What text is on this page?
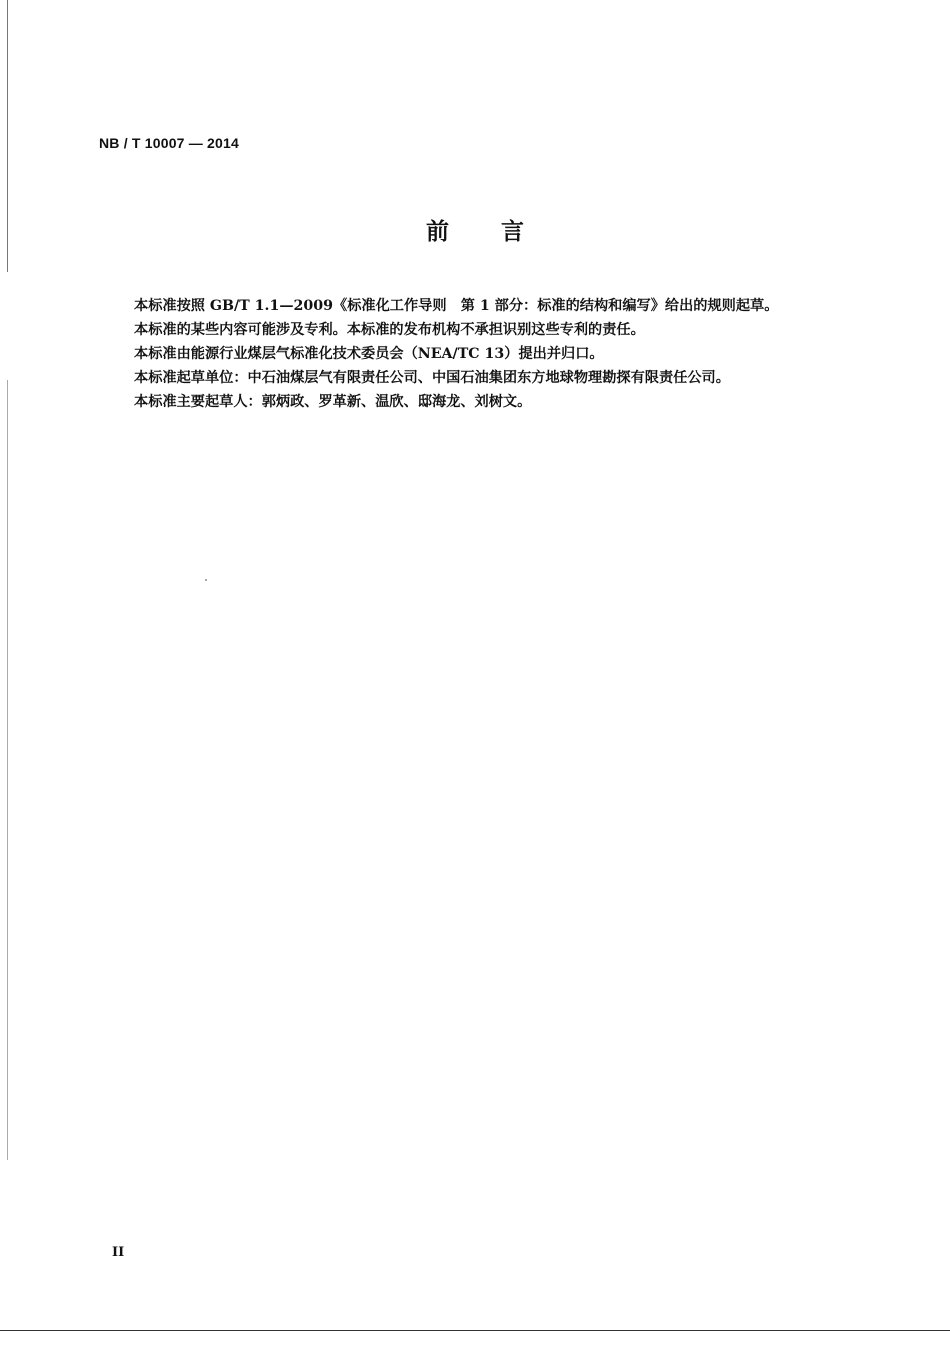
NB / T 10007 — 2014
前言

本标准按照 GB/T 1.1—2009《标准化工作导则　第 1 部分：标准的结构和编写》给出的规则起草。

本标准的某些内容可能涉及专利。本标准的发布机构不承担识别这些专利的责任。

本标准由能源行业煤层气标准化技术委员会（NEA/TC 13）提出并归口。

本标准起草单位：中石油煤层气有限责任公司、中国石油集团东方地球物理勘探有限责任公司。

本标准主要起草人：郭炳政、罗革新、温欣、邸海龙、刘树文。

II
